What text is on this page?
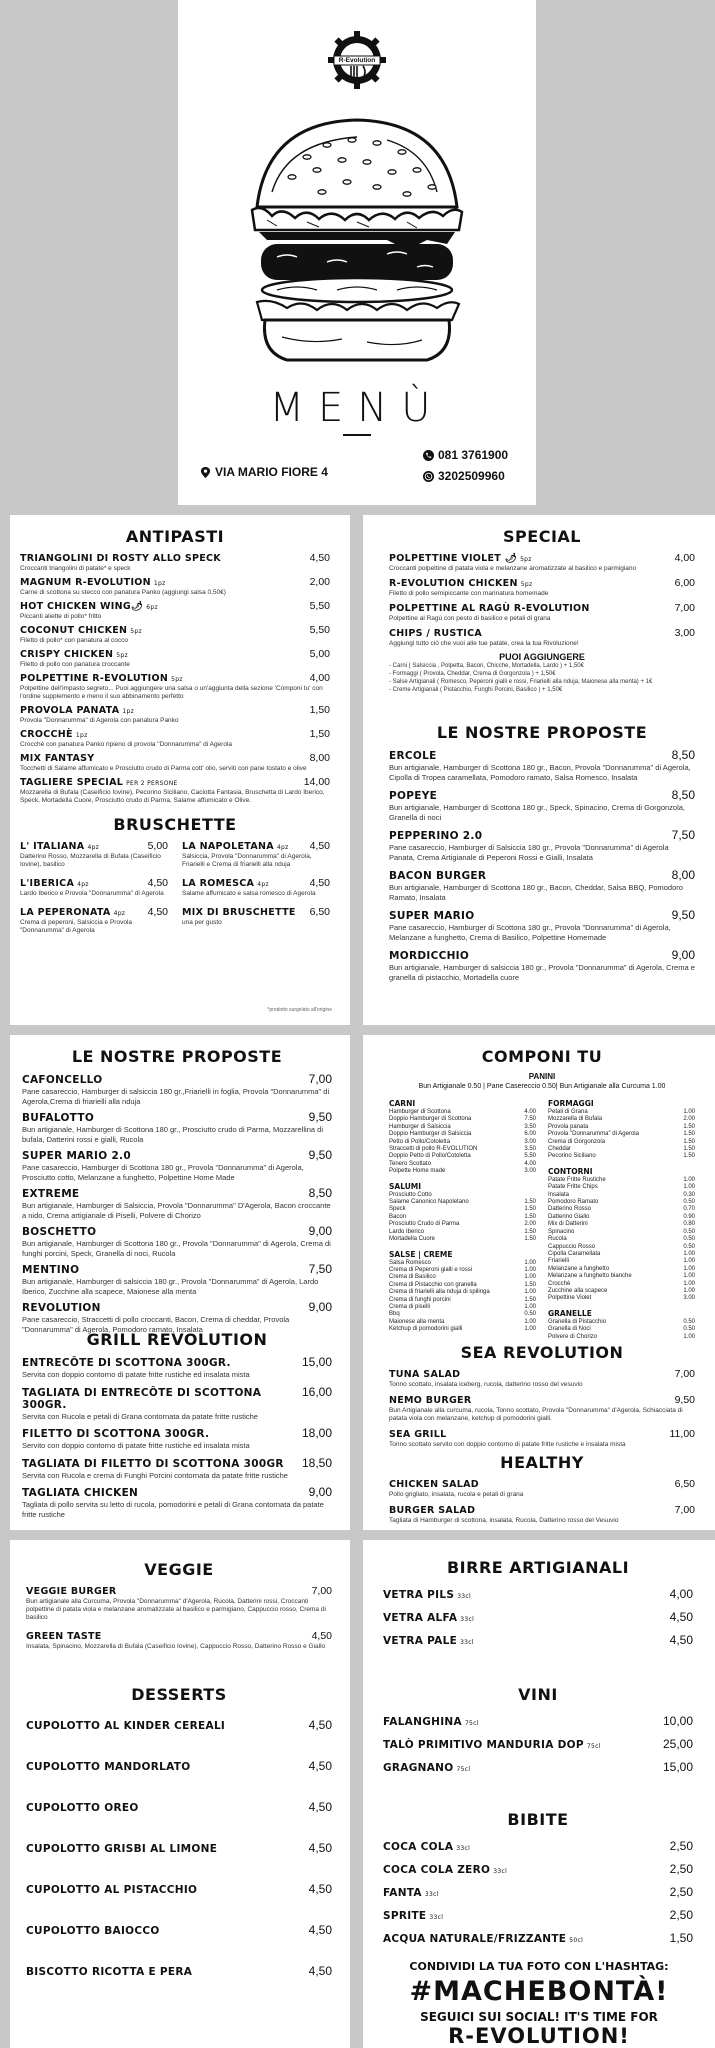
R-Evolution
MENÙ
VIA MARIO FIORE 4
081 3761900
3202509960
ANTIPASTI
TRIANGOLINI DI ROSTY ALLO SPECK	4,50
Croccanti triangolini di patate* e speck
MAGNUM R-EVOLUTION 1pz	2,00
Carne di scottona su stecco con panatura Panko (aggiungi salsa 0,50€)
HOT CHICKEN WING🌶 6pz	5,50
Piccanti aliette di pollo* fritto
COCONUT CHICKEN 5pz	5,50
Filetto di pollo* con panatura al cocco
CRISPY CHICKEN 5pz	5,00
Filetto di pollo con panatura croccante
POLPETTINE R-EVOLUTION 5pz	4,00
Polpettine dell'impasto segreto... Puoi aggiungere una salsa o un'aggiunta della sezione 'Componi tu' con l'ordine supplemento e meno il suo abbinamento perfetto
PROVOLA PANATA 1pz	1,50
Provola "Donnarumma" di Agerola con panatura Panko
CROCCHÈ 1pz	1,50
Crocchè con panatura Panko ripieno di provola "Donnarumma" di Agerola
MIX FANTASY	8,00
Tocchetti di Salame affumicato e Prosciutto crudo di Parma cott' olio, serviti con pane tostato e olive
TAGLIERE SPECIAL PER 2 PERSONE	14,00
Mozzarella di Bufala (Caseificio Iovine), Pecorino Siciliano, Caciotta Fantasia, Bruschetta di Lardo Iberico, Speck, Mortadella Cuore, Prosciutto crudo di Parma, Salame affumicato e Olive.
BRUSCHETTE
L' ITALIANA 4pz	5,00
Datterino Rosso, Mozzarella di Bufala (Caseificio Iovine), basilico
LA NAPOLETANA 4pz 4,50
Salsiccia, Provola "Donnarumma" di Agerola, Friarielli e Crema di friarielli alla nduja
L'IBERICA 4pz	4,50
Lardo Iberico e Provola "Donnarumma" di Agerola
LA ROMESCA 4pz	4,50
Salame affumicato e salsa romesco di Agerola
LA PEPERONATA 4pz 4,50
Crema di peperoni, Salsiccia e Provola "Donnarumma" di Agerola
MIX DI BRUSCHETTE 6,50
una per gusto
*prodotto surgelato all'origine
SPECIAL
POLPETTINE VIOLET 🌶 5pz	4,00
Croccanti polpettine di patata viola e melanzane aromatizzate al basilico e parmigiano
R-EVOLUTION CHICKEN 5pz	6,00
Filetto di pollo semipiccante con marinatura homemade
POLPETTINE AL RAGÙ R-EVOLUTION	7,00
Polpettine al Ragù con pesto di basilico e petali di grana
CHIPS / RUSTICA	3,00
Aggiungi tutto ciò che vuoi alle tue patate, crea la tua Rivoluzione!
PUOI AGGIUNGERE
- Carni ( Salsiccia , Polpetta, Bacon, Chicche, Mortadella, Lardo ) + 1,50€
- Formaggi ( Provola, Cheddar, Crema di Gorgonzola ) + 1,50€
- Salse Artigianali ( Romesco, Peperoni gialli e rossi, Friarielli alla nduja, Maionese alla menta) + 1€
- Creme Artigianali ( Pistacchio, Funghi Porcini, Basilico ) + 1,50€
LE NOSTRE PROPOSTE
ERCOLE	8,50
Bun artigianale, Hamburger di Scottona 180 gr., Bacon, Provola "Donnarumma" di Agerola, Cipolla di Tropea caramellata, Pomodoro ramato, Salsa Romesco, Insalata
POPEYE	8,50
Bun artigianale, Hamburger di Scottona 180 gr., Speck, Spinacino, Crema di Gorgonzola, Granella di noci
PEPPERINO 2.0	7,50
Pane casareccio, Hamburger di Salsiccia 180 gr., Provola "Donnarumma" di Agerola Panata, Crema Artigianale di Peperoni Rossi e Gialli, Insalata
BACON BURGER	8,00
Bun artigianale, Hamburger di Scottona 180 gr., Bacon, Cheddar, Salsa BBQ, Pomodoro Ramato, Insalata
SUPER MARIO	9,50
Pane casareccio, Hamburger di Scottona 180 gr., Provola "Donnarumma" di Agerola, Melanzane a funghetto, Crema di Basilico, Polpettine Homemade
MORDICCHIO	9,00
Bun artigianale, Hamburger di salsiccia 180 gr., Provola "Donnarumma" di Agerola, Crema e granella di pistacchio, Mortadella cuore
LE NOSTRE PROPOSTE
CAFONCELLO	7,00
Pane casareccio, Hamburger di salsiccia 180 gr.,Friarielli in foglia, Provola "Donnarumma" di Agerola,Crema di friarielli alla nduja
BUFALOTTO	9,50
Bun artigianale, Hamburger di Scottona 180 gr., Prosciutto crudo di Parma, Mozzarellina di bufala, Datterini rossi e gialli, Rucola
SUPER MARIO 2.0	9,50
Pane casareccio, Hamburger di Scottona 180 gr., Provola "Donnarumma" di Agerola, Prosciutto cotto, Melanzane a funghetto, Polpettine Home Made
EXTREME	8,50
Bun artigianale, Hamburger di Salsiccia, Provola "Donnarumma" D'Agerola, Bacon croccante a nido, Crema artigianale di Piselli, Polvere di Chorizo
BOSCHETTO	9,00
Bun artigianale, Hamburger di Scottona 180 gr., Provola "Donnarumma" di Agerola, Crema di funghi porcini, Speck, Granella di noci, Rucola
MENTINO	7,50
Bun artigianale, Hamburger di salsiccia 180 gr., Provola "Donnarumma" di Agerola, Lardo Iberico, Zucchine alla scapece, Maionese alla menta
REVOLUTION	9,00
Pane casareccio, Straccetti di pollo croccanti, Bacon, Crema di cheddar, Provola "Donnarumma" di Agerola, Pomodoro ramato, Insalata
GRILL REVOLUTION
ENTRECÔTE DI SCOTTONA 300GR.	15,00
Servita con doppio contorno di patate fritte rustiche ed insalata mista
TAGLIATA DI ENTRECÔTE DI SCOTTONA 300GR.
16,00
Servita con Rucola e petali di Grana contornata da patate fritte rustiche
FILETTO DI SCOTTONA 300GR.	18,00
Servito con doppio contorno di patate fritte rustiche ed insalata mista
TAGLIATA DI FILETTO DI SCOTTONA 300GR 18,50
Servita con Rucola e crema di Funghi Porcini contornata da patate fritte rustiche
TAGLIATA CHICKEN	9,00
Tagliata di pollo servita su letto di rucola, pomodorini e petali di Grana contornata da patate fritte rustiche
COMPONI TU
PANINI
Bun Artigianale 0.50 | Pane Casereccio 0.50| Bun Artigianale alla Curcuma 1.00
CARNI
Hamburger di Scottona	4.00
Doppio Hamburger di Scottona	7.50
Hamburger di Salsiccia	3.50
Doppio Hamburger di Salsiccia	6.00
Petto di Pollo/Cotoletta	3.00
Straccetti di pollo R-EVOLUTION	3.50
Doppio Petto di Pollo/Cotoletta	5.50
Tenero Scottato	4.00
Polpette Home made	3.00
SALUMI
Prosciutto Cotto
Salame Canonico Napoletano	1.50
Speck	1.50
Bacon	1.50
Prosciutto Crudo di Parma	2.00
Lardo Iberico	1.50
Mortadella Cuore	1.50
SALSE | CREME
Salsa Romesco	1.00
Crema di Peperoni gialli e rossi	1.00
Crema di Basilico	1.00
Crema di Pistacchio con granella	1.50
Crema di friarielli alla nduja di spilinga	1.00
Crema di funghi porcini	1.50
Crema di piselli	1.00
Bbq	0.50
Maionese alla menta	1.00
Ketchup di pomodorini gialli	1.00
FORMAGGI
Petali di Grana	1.00
Mozzarella di Bufala	2.00
Provola panata	1.50
Provola "Donnarumma" di Agerola	1.50
Crema di Gorgonzola	1.50
Cheddar	1.50
Pecorino Siciliano	1.50
CONTORNI
Patate Fritte Rustiche	1.00
Patate Fritte Chips	1.00
Insalata	0.30
Pomodoro Ramato	0.50
Datterino Rosso	0.70
Datterino Giallo	0.90
Mix di Datterini	0.80
Spinacino	0.50
Rucola	0.50
Cappuccio Rosso	0.50
Cipolla Caramellata	1.00
Friarielli	1.00
Melanzane a funghetto	1.00
Melanzane a funghetto bianche	1.00
Crocchè	1.00
Zucchine alla scapece	1.00
Polpettine Violet	3.00
GRANELLE
Granella di Pistacchio	0.50
Granella di Noci	0.50
Polvere di Chorizo	1.00
SEA REVOLUTION
TUNA SALAD	7,00
Tonno scottato, insalata iceberg, rucola, datterino rosso del vesuvio
NEMO BURGER	9,50
Bun Artigianale alla curcuma, rucola, Tonno scottato, Provola "Donnarumma" d'Agerola, Schiacciata di patata viola con melanzane, ketchup di pomodorini gialli.
SEA GRILL	11,00
Tonno scottato servito con doppio contorno di patate fritte rustiche e insalata mista
HEALTHY
CHICKEN SALAD	6,50
Pollo grigliato, insalata, rucola e petali di grana
BURGER SALAD	7,00
Tagliata di Hamburger di scottona, insalata, Rucola, Datterino rosso del Vesuvio
VEGGIE
VEGGIE BURGER	7,00
Bun artigianale alla Curcuma, Provola "Donnarumma" d'Agerola, Rucola, Datterini rossi, Croccanti polpettine di patata viola e melanzane aromatizzate al basilico e parmigiano, Cappuccio rosso, Crema di basilico
GREEN TASTE	4,50
Insalata, Spinacino, Mozzarella di Bufala (Caseificio Iovine), Cappuccio Rosso, Datterino Rosso e Giallo
DESSERTS
CUPOLOTTO AL KINDER CEREALI	4,50
CUPOLOTTO MANDORLATO	4,50
CUPOLOTTO OREO	4,50
CUPOLOTTO GRISBI AL LIMONE	4,50
CUPOLOTTO AL PISTACCHIO	4,50
CUPOLOTTO BAIOCCO	4,50
BISCOTTO RICOTTA E PERA	4,50
BIRRE ARTIGIANALI
VETRA PILS 33cl	4,00
VETRA ALFA 33cl	4,50
VETRA PALE 33cl	4,50
VINI
FALANGHINA 75cl	10,00
TALÒ PRIMITIVO MANDURIA DOP 75cl	25,00
GRAGNANO 75cl	15,00
BIBITE
COCA COLA 33cl	2,50
COCA COLA ZERO 33cl	2,50
FANTA 33cl	2,50
SPRITE 33cl	2,50
ACQUA NATURALE/FRIZZANTE 50cl	1,50
CONDIVIDI LA TUA FOTO CON L'HASHTAG:
#MACHEBONTÀ!
SEGUICI SUI SOCIAL! IT'S TIME FOR
R-EVOLUTION!
